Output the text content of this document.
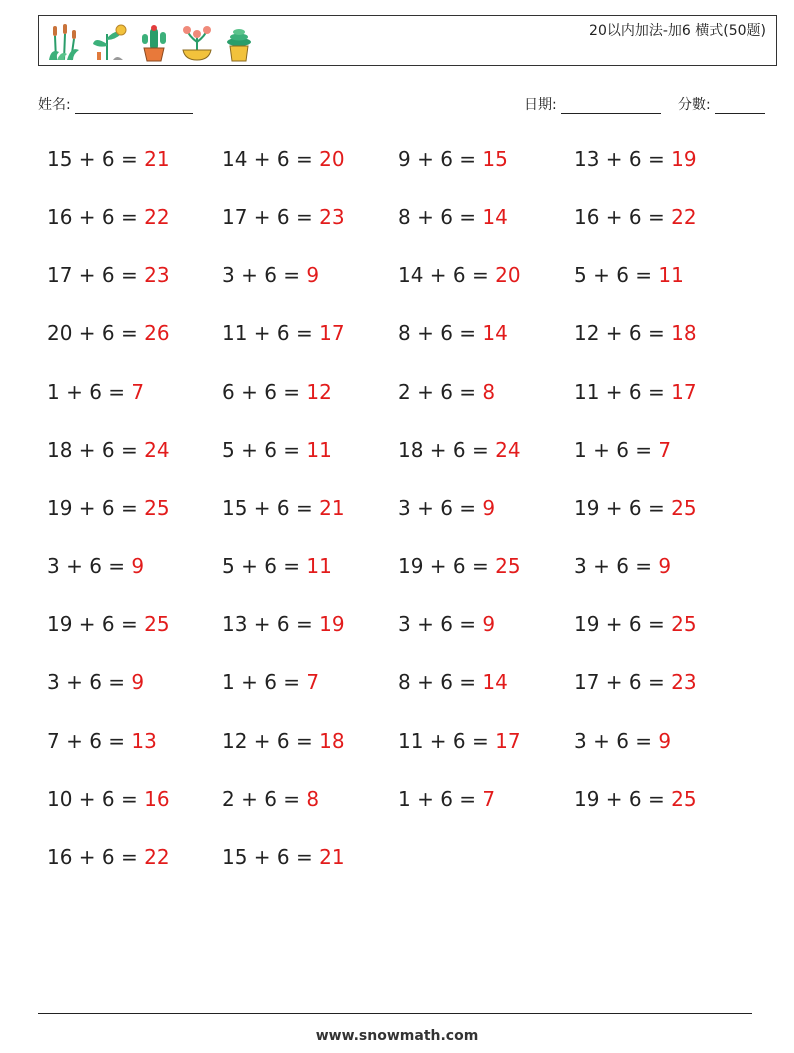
20以内加法-加6 横式(50题)
姓名:	日期:	分數:
15 + 6 = 21	14 + 6 = 20	9 + 6 = 15	13 + 6 = 19
16 + 6 = 22	17 + 6 = 23	8 + 6 = 14	16 + 6 = 22
17 + 6 = 23	3 + 6 = 9	14 + 6 = 20	5 + 6 = 11
20 + 6 = 26	11 + 6 = 17	8 + 6 = 14	12 + 6 = 18
1 + 6 = 7	6 + 6 = 12	2 + 6 = 8	11 + 6 = 17
18 + 6 = 24	5 + 6 = 11	18 + 6 = 24	1 + 6 = 7
19 + 6 = 25	15 + 6 = 21	3 + 6 = 9	19 + 6 = 25
3 + 6 = 9	5 + 6 = 11	19 + 6 = 25	3 + 6 = 9
19 + 6 = 25	13 + 6 = 19	3 + 6 = 9	19 + 6 = 25
3 + 6 = 9	1 + 6 = 7	8 + 6 = 14	17 + 6 = 23
7 + 6 = 13	12 + 6 = 18	11 + 6 = 17	3 + 6 = 9
10 + 6 = 16	2 + 6 = 8	1 + 6 = 7	19 + 6 = 25
16 + 6 = 22	15 + 6 = 21
www.snowmath.com
